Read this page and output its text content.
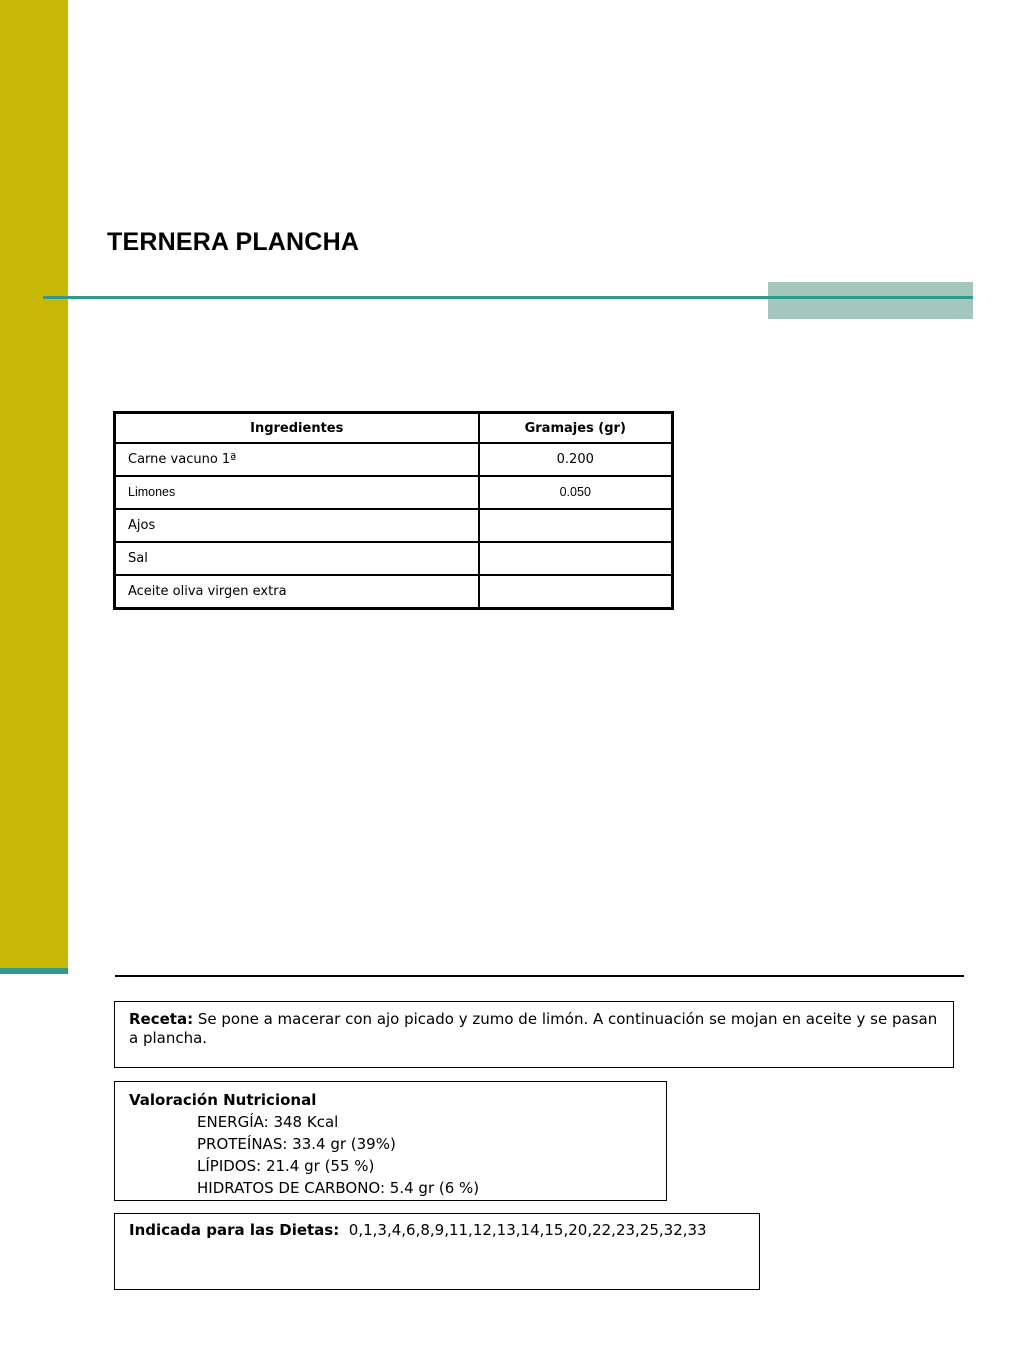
TERNERA PLANCHA
Ingredientes	Gramajes (gr)
Carne vacuno 1ª	0.200
Limones	0.050
Ajos	
Sal	
Aceite oliva virgen extra	
Receta: Se pone a macerar con ajo picado y zumo de limón. A continuación se mojan en aceite y se pasan a plancha.
Valoración Nutricional
ENERGÍA: 348 Kcal
PROTEÍNAS: 33.4 gr (39%)
LÍPIDOS: 21.4 gr (55 %)
HIDRATOS DE CARBONO: 5.4 gr (6 %)
Indicada para las Dietas: 0,1,3,4,6,8,9,11,12,13,14,15,20,22,23,25,32,33
